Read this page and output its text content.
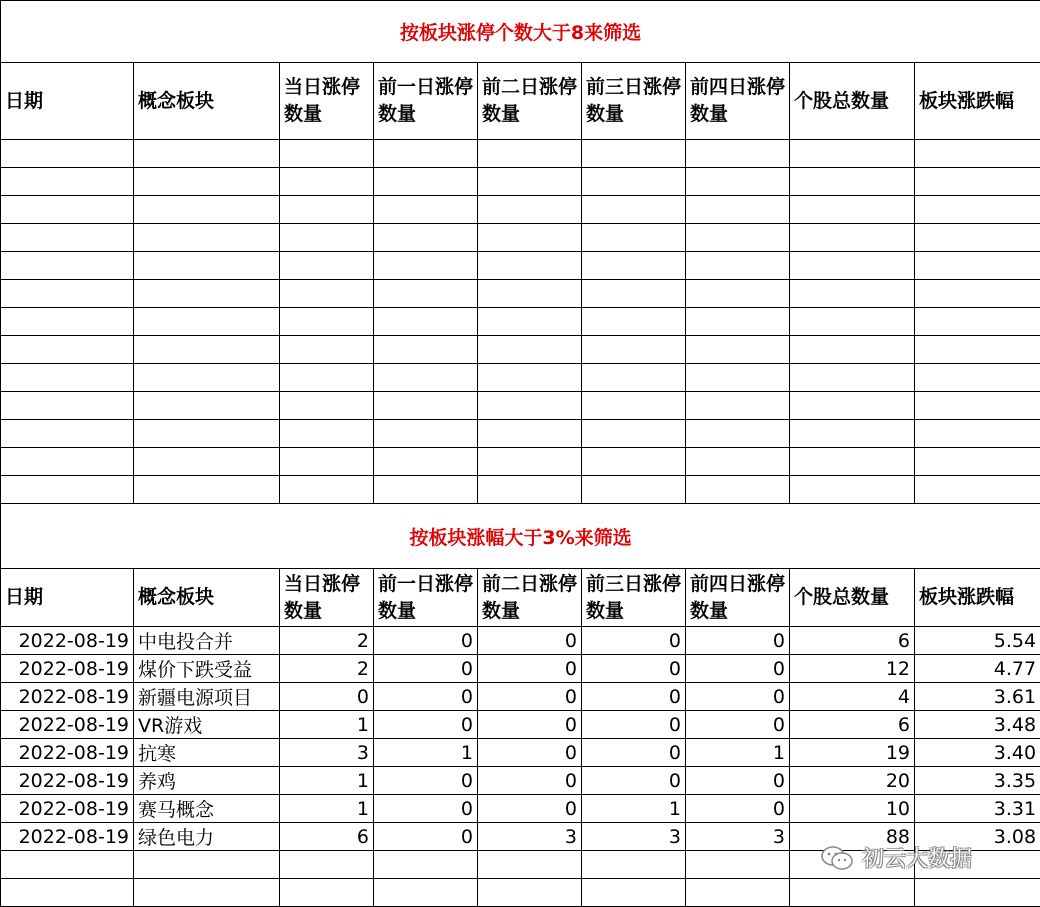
按板块涨停个数大于8来筛选								
日期	概念板块	当日涨停数量	前一日涨停数量	前二日涨停数量	前三日涨停数量	前四日涨停数量	个股总数量	板块涨跌幅

按板块涨幅大于3%来筛选								
日期	概念板块	当日涨停数量	前一日涨停数量	前二日涨停数量	前三日涨停数量	前四日涨停数量	个股总数量	板块涨跌幅
2022-08-19	中电投合并	2	0	0	0	0	6	5.54
2022-08-19	煤价下跌受益	2	0	0	0	0	12	4.77
2022-08-19	新疆电源项目	0	0	0	0	0	4	3.61
2022-08-19	VR游戏	1	0	0	0	0	6	3.48
2022-08-19	抗寒	3	1	0	0	1	19	3.40
2022-08-19	养鸡	1	0	0	0	0	20	3.35
2022-08-19	赛马概念	1	0	0	1	0	10	3.31
2022-08-19	绿色电力	6	0	3	3	3	88	3.08

初云大数据
